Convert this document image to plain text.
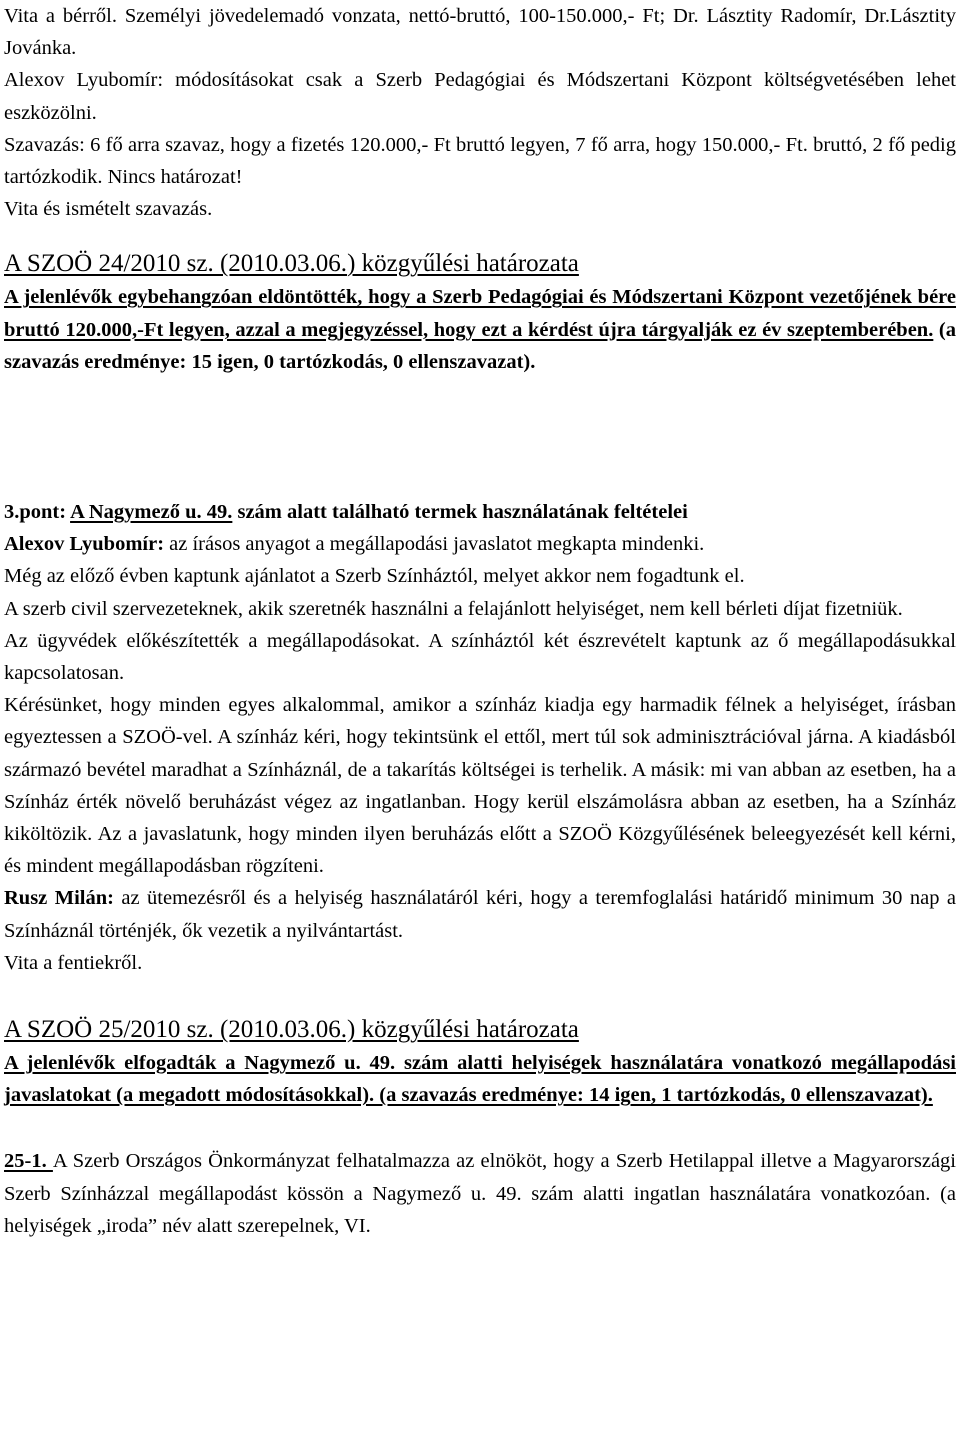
Vita a bérről. Személyi jövedelemadó vonzata, nettó-bruttó, 100-150.000,- Ft; Dr. Lásztity Radomír, Dr.Lásztity Jovánka.

Alexov Lyubomír: módosításokat csak a Szerb Pedagógiai és Módszertani Központ költségvetésében lehet eszközölni.

Szavazás: 6 fő arra szavaz, hogy a fizetés 120.000,- Ft bruttó legyen, 7 fő arra, hogy 150.000,- Ft. bruttó, 2 fő pedig tartózkodik. Nincs határozat!

Vita és ismételt szavazás.

A SZOÖ 24/2010 sz. (2010.03.06.) közgyűlési határozata

A jelenlévők egybehangzóan eldöntötték, hogy a Szerb Pedagógiai és Módszertani Központ vezetőjének bére bruttó 120.000,-Ft legyen, azzal a megjegyzéssel, hogy ezt a kérdést újra tárgyalják ez év szeptemberében. (a szavazás eredménye: 15 igen, 0 tartózkodás, 0 ellenszavazat).

3.pont: A Nagymező u. 49. szám alatt található termek használatának feltételei

Alexov Lyubomír: az írásos anyagot a megállapodási javaslatot megkapta mindenki.

Még az előző évben kaptunk ajánlatot a Szerb Színháztól, melyet akkor nem fogadtunk el.

A szerb civil szervezeteknek, akik szeretnék használni a felajánlott helyiséget, nem kell bérleti díjat fizetniük.

Az ügyvédek előkészítették a megállapodásokat. A színháztól két észrevételt kaptunk az ő megállapodásukkal kapcsolatosan.

Kérésünket, hogy minden egyes alkalommal, amikor a színház kiadja egy harmadik félnek a helyiséget, írásban egyeztessen a SZOÖ-vel. A színház kéri, hogy tekintsünk el ettől, mert túl sok adminisztrációval járna. A kiadásból származó bevétel maradhat a Színháznál, de a takarítás költségei is terhelik. A másik: mi van abban az esetben, ha a Színház érték növelő beruházást végez az ingatlanban. Hogy kerül elszámolásra abban az esetben, ha a Színház kiköltözik. Az a javaslatunk, hogy minden ilyen beruházás előtt a SZOÖ Közgyűlésének beleegyezését kell kérni, és mindent megállapodásban rögzíteni.

Rusz Milán: az ütemezésről és a helyiség használatáról kéri, hogy a teremfoglalási határidő minimum 30 nap a Színháznál történjék, ők vezetik a nyilvántartást.

Vita a fentiekről.

A SZOÖ 25/2010 sz. (2010.03.06.) közgyűlési határozata

A jelenlévők elfogadták a Nagymező u. 49. szám alatti helyiségek használatára vonatkozó megállapodási javaslatokat (a megadott módosításokkal). (a szavazás eredménye: 14 igen, 1 tartózkodás, 0 ellenszavazat).

25-1. A Szerb Országos Önkormányzat felhatalmazza az elnököt, hogy a Szerb Hetilappal illetve a Magyarországi Szerb Színházzal megállapodást kössön a Nagymező u. 49. szám alatti ingatlan használatára vonatkozóan. (a helyiségek „iroda” név alatt szerepelnek, VI.
